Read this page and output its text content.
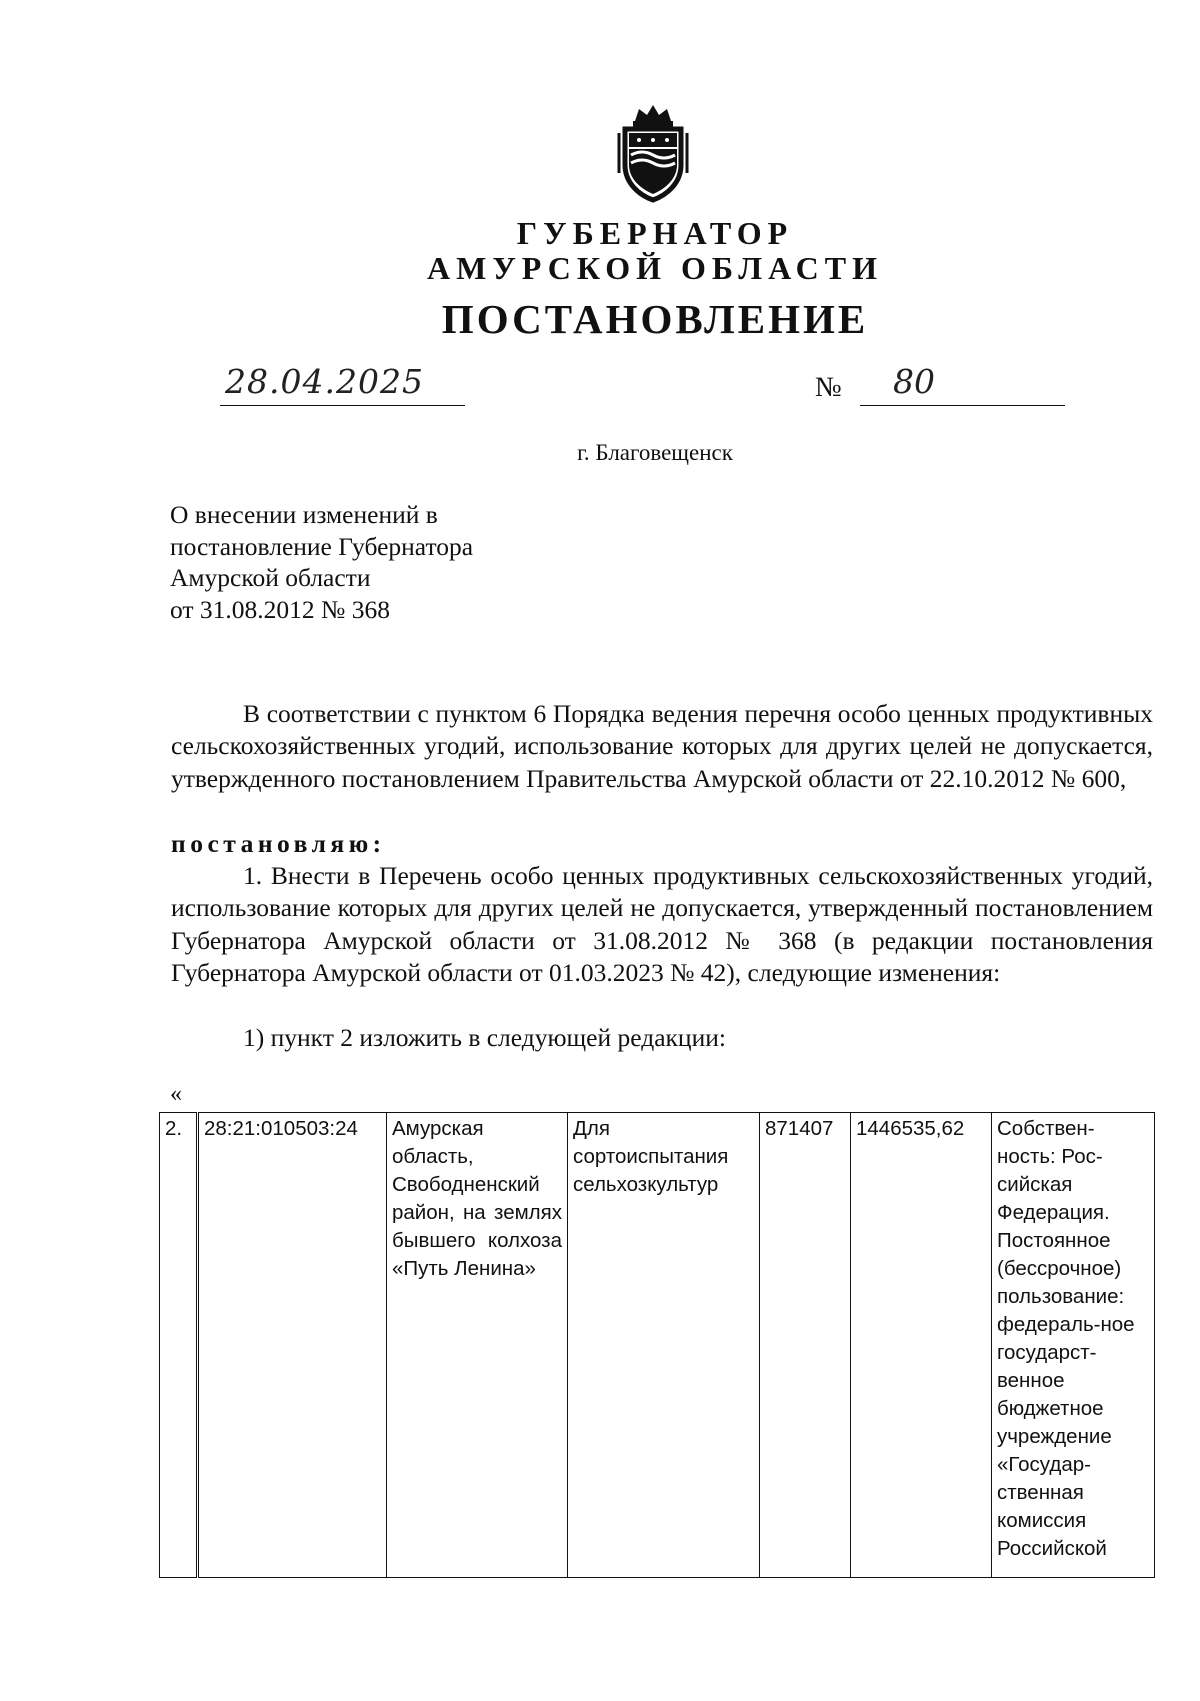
ГУБЕРНАТОР
АМУРСКОЙ ОБЛАСТИ
ПОСТАНОВЛЕНИЕ
28.04.2025	№ 80
г. Благовещенск
О внесении изменений в
постановление Губернатора
Амурской области
от 31.08.2012 № 368
В соответствии с пунктом 6 Порядка ведения перечня особо ценных продуктивных сельскохозяйственных угодий, использование которых для других целей не допускается, утвержденного постановлением Правительства Амурской области от 22.10.2012 № 600,
постановляю:
1. Внести в Перечень особо ценных продуктивных сельскохозяйственных угодий, использование которых для других целей не допускается, утвержденный постановлением Губернатора Амурской области от 31.08.2012 № 368 (в редакции постановления Губернатора Амурской области от 01.03.2023 № 42), следующие изменения:
1) пункт 2 изложить в следующей редакции:
«
2.	28:21:010503:24	Амурская область, Свободненский район, на землях бывшего колхоза «Путь Ленина»	Для сортоиспытания сельхозкультур	871407	1446535,62	Собствен-ность: Рос-сийская Федерация. Постоянное (бессрочное) пользование: федераль-ное государст-венное бюджетное учреждение «Государ-ственная комиссия Российской
